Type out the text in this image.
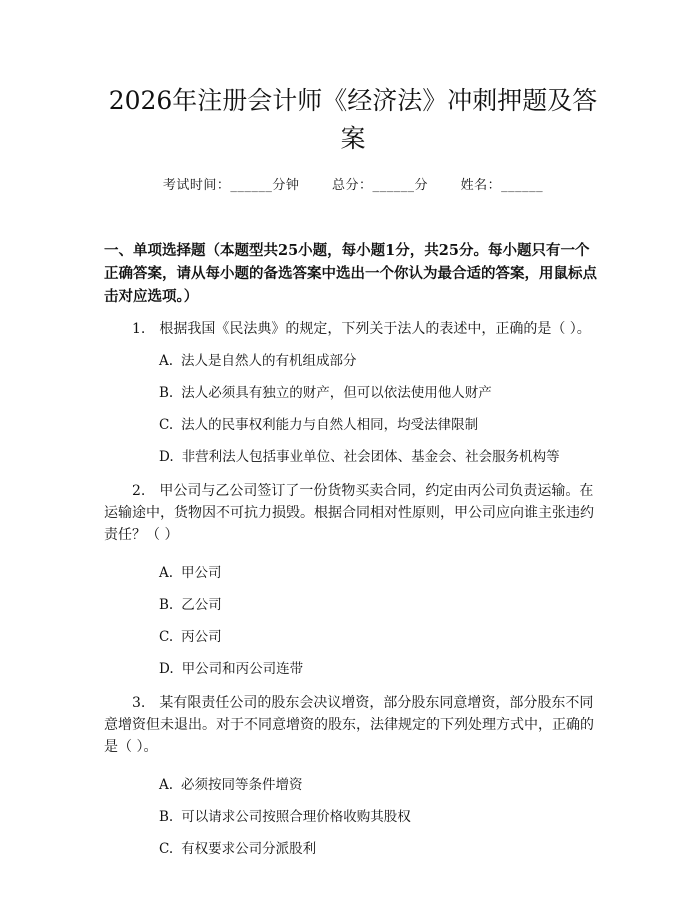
2026年注册会计师《经济法》冲刺押题及答
案
考试时间：______分钟	总分：______分	姓名：______
一、单项选择题（本题型共25小题，每小题1分，共25分。每小题只有一个正确答案，请从每小题的备选答案中选出一个你认为最合适的答案，用鼠标点击对应选项。）
1.　根据我国《民法典》的规定，下列关于法人的表述中，正确的是（ ）。
A. 法人是自然人的有机组成部分
B. 法人必须具有独立的财产，但可以依法使用他人财产
C. 法人的民事权利能力与自然人相同，均受法律限制
D. 非营利法人包括事业单位、社会团体、基金会、社会服务机构等
2.　甲公司与乙公司签订了一份货物买卖合同，约定由丙公司负责运输。在运输途中，货物因不可抗力损毁。根据合同相对性原则，甲公司应向谁主张违约责任？（ ）
A. 甲公司
B. 乙公司
C. 丙公司
D. 甲公司和丙公司连带
3.　某有限责任公司的股东会决议增资，部分股东同意增资，部分股东不同意增资但未退出。对于不同意增资的股东，法律规定的下列处理方式中，正确的是（ ）。
A. 必须按同等条件增资
B. 可以请求公司按照合理价格收购其股权
C. 有权要求公司分派股利
